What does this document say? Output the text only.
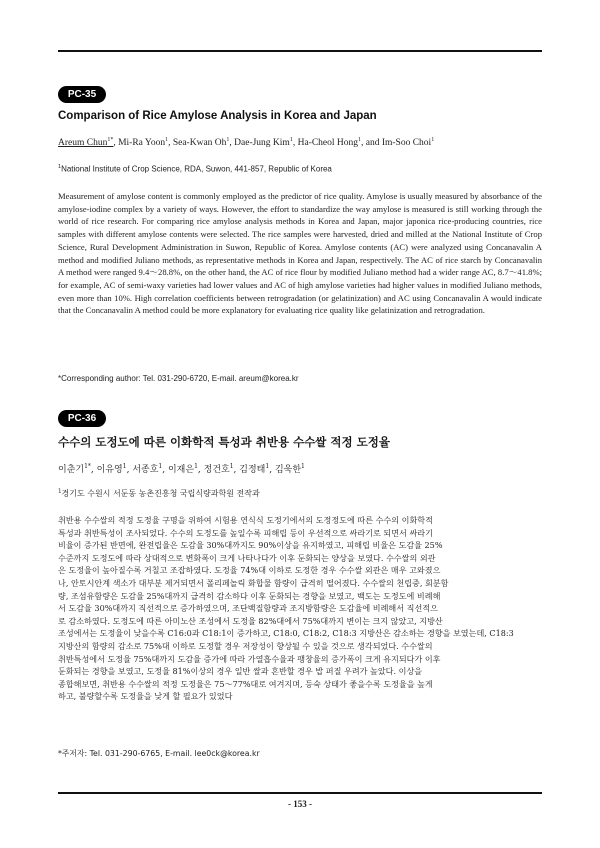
PC-35
Comparison of Rice Amylose Analysis in Korea and Japan
Areum Chun$^{1*}$, Mi-Ra Yoon$^1$, Sea-Kwan Oh$^1$, Dae-Jung Kim$^1$, Ha-Cheol Hong$^1$, and Im-Soo Choi$^1$
$^1$National Institute of Crop Science, RDA, Suwon, 441-857, Republic of Korea

Measurement of amylose content is commonly employed as the predictor of rice quality. Amylose is usually measured by absorbance of the amylose-iodine complex by a variety of ways. However, the effort to standardize the way amylose is measured is still working through the world of rice research. For comparing rice amylose analysis methods in Korea and Japan, major japonica rice-producing countries, rice samples with different amylose contents were selected. The rice samples were harvested, dried and milled at the National Institute of Crop Science, Rural Development Administration in Suwon, Republic of Korea. Amylose contents (AC) were analyzed using Concanavalin A method and modified Juliano methods, as representative methods in Korea and Japan, respectively. The AC of rice starch by Concanavalin A method were ranged 9.4～28.8%, on the other hand, the AC of rice flour by modified Juliano method had a wider range AC, 8.7～41.8%; for example, AC of semi-waxy varieties had lower values and AC of high amylose varieties had higher values in modified Juliano methods, even more than 10%. High correlation coefficients between retrogradation (or gelatinization) and AC using Concanavalin A would indicate that the Concanavalin A method could be more explanatory for evaluating rice quality like gelatinization and retrogradation.

*Corresponding author: Tel. 031-290-6720, E-mail. areum@korea.kr
PC-36
수수의 도정도에 따른 이화학적 특성과 취반용 수수쌀 적정 도정율
이춘기$^{1*}$, 이유영$^1$, 서종호$^1$, 이재은$^1$, 정건호$^1$, 김정태$^1$, 김욱한$^1$
$^1$경기도 수원시 서둔동 농촌진흥청 국립식량과학원 전작과
취반용 수수쌀의 적정 도정율 구명을 위하여 시험용 연식식 도정기에서의 도정정도에 따른 수수의 이화학적
특성과 취반특성이 조사되었다. 수수의 도정도를 높일수록 피해립 등이 우선적으로 싸라기로 되면서 싸라기
비율이 증가된 반면에, 완전립율은 도감율 30%대까지도 90%이상을 유지하였고, 피해립 비율은 도감율 25%
수준까지 도정도에 따라 상대적으로 변화폭이 크게 나타나다가 이후 둔화되는 양상을 보였다. 수수쌀의 외관
은 도정율이 높아질수록 거칠고 조잡하였다. 도정율 74%대 이하로 도정한 경우 수수쌀 외관은 매우 고와졌으
나, 안토시안계 색소가 대부분 제거되면서 폴리페놀릭 화합물 함량이 급격히 떨어졌다. 수수쌀의 천립중, 회분함
량, 조섬유함량은 도감율 25%대까지 급격히 감소하다 이후 둔화되는 경향을 보였고, 백도는 도정도에 비례해
서 도감율 30%대까지 직선적으로 증가하였으며, 조단백질함량과 조지방함량은 도감율에 비례해서 직선적으
로 감소하였다. 도정도에 따른 아미노산 조성에서 도정율 82%대에서 75%대까지 변이는 크지 않았고, 지방산
조성에서는 도정율이 낮을수록 C16:0과 C18:1이 증가하고, C18:0, C18:2, C18:3 지방산은 감소하는 경향을 보였는데, C18:3
지방산의 함량의 감소로 75%대 이하로 도정할 경우 저장성이 향상될 수 있을 것으로 생각되었다. 수수쌀의
취반특성에서 도정율 75%대까지 도감율 증가에 따라 가열흡수율과 팽창율의 증가폭이 크게 유지되다가 이후
둔화되는 경향을 보였고, 도정율 81%이상의 경우 일반 쌀과 혼반할 경우 밥 퍼질 우려가 높았다. 이상을
종합해보면, 취반용 수수쌀의 적정 도정율은 75～77%대로 여겨지며, 등숙 상태가 좋을수록 도정율을 높게
하고, 불량할수록 도정율을 낮게 할 필요가 있었다
*주저자: Tel. 031-290-6765, E-mail. lee0ck@korea.kr
- 153 -
